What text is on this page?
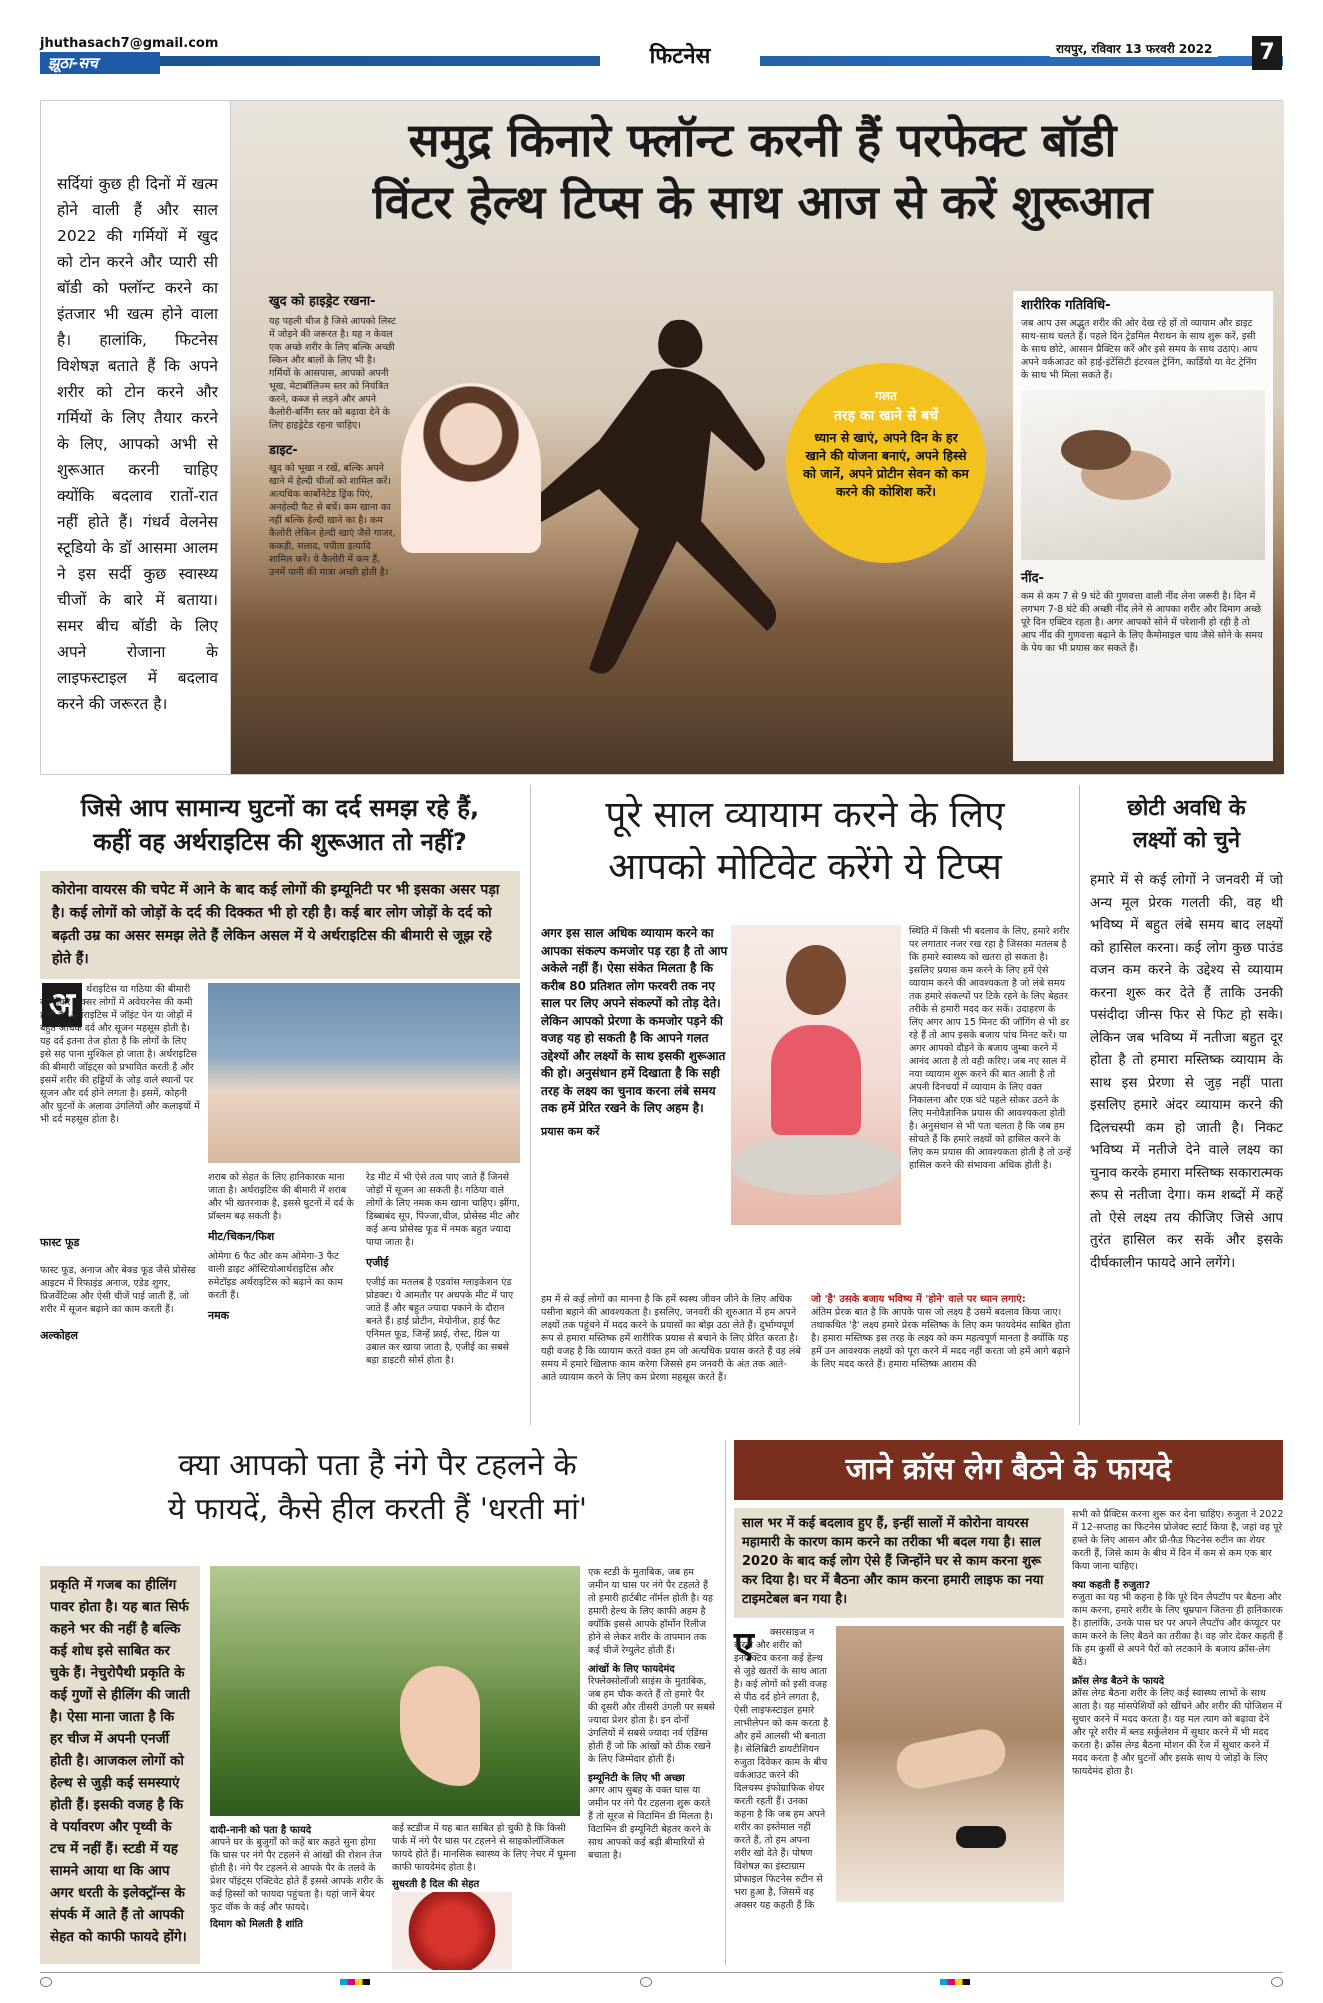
jhuthasach7@gmail.com
झूठा-सच	फिटनेस	रायपुर, रविवार 13 फरवरी 2022	7
सर्दियां कुछ ही दिनों में खत्म होने वाली हैं और साल 2022 की गर्मियों में खुद को टोन करने और प्यारी सी बॉडी को फ्लॉन्ट करने का इंतजार भी खत्म होने वाला है। हालांकि, फिटनेस विशेषज्ञ बताते हैं कि अपने शरीर को टोन करने और गर्मियों के लिए तैयार करने के लिए, आपको अभी से शुरूआत करनी चाहिए क्योंकि बदलाव रातों-रात नहीं होते हैं। गंधर्व वेलनेस स्टूडियो के डॉ आसमा आलम ने इस सर्दी कुछ स्वास्थ्य चीजों के बारे में बताया। समर बीच बॉडी के लिए अपने रोजाना के लाइफस्टाइल में बदलाव करने की जरूरत है।
समुद्र किनारे फ्लॉन्ट करनी हैं परफेक्ट बॉडी
विंटर हेल्थ टिप्स के साथ आज से करें शुरूआत
खुद को हाइड्रेट रखना-
यह पहली चीज है जिसे आपको लिस्ट में जोड़ने की जरूरत है। यह न केवल एक अच्छे शरीर के लिए बल्कि अच्छी स्किन और बालों के लिए भी है। गर्मियों के आसपास, आपको अपनी भूख, मेटाबॉलिज्म स्तर को नियंत्रित करने, कब्ज से लड़ने और अपने कैलोरी-बर्निंग स्तर को बढ़ावा देने के लिए हाइड्रेटेड रहना चाहिए।
डाइट-
खुद को भूखा न रखें, बल्कि अपने खाने में हेल्दी चीजों को शामिल करें। अत्यधिक कार्बोनेटेड ड्रिंक पिएं, अनहेल्दी फैट से बचें। कम खाना का नहीं बल्कि हेल्दी खाने का है। कम कैलोरी लेकिन हेल्दी खाएं जैसे गाजर, ककड़ी, सलाद, पपीता इत्यादि शामिल करें। ये कैलोरी में कम हैं, उनमें पानी की मात्रा अच्छी होती है।
गलत
तरह का खाने से बचें
ध्यान से खाएं, अपने दिन के हर खाने की योजना बनाएं, अपने हिस्से को जानें, अपने प्रोटीन सेवन को कम करने की कोशिश करें।
शारीरिक गतिविधि-
जब आप उस अद्भुत शरीर की ओर देख रहे हों तो व्यायाम और डाइट साथ-साथ चलते हैं। पहले दिन ट्रेडमिल मैराथन के साथ शुरू करें, इसी के साथ छोटे, आसान प्रैक्टिस करें और इसे समय के साथ उठाएं। आप अपने वर्कआउट को हाई-इंटेंसिटी इंटरवल ट्रेनिंग, कार्डियो या वेट ट्रेनिंग के साथ भी मिला सकते हैं।
नींद-
कम से कम 7 से 9 घंटे की गुणवत्ता वाली नींद लेना जरूरी है। दिन में लगभग 7-8 घंटे की अच्छी नींद लेने से आपका शरीर और दिमाग अच्छे पूरे दिन एक्टिव रहता है। अगर आपको सोने में परेशानी हो रही है तो आप नींद की गुणवत्ता बढ़ाने के लिए कैमोमाइल चाय जैसे सोने के समय के पेय का भी प्रयास कर सकते हैं।
जिसे आप सामान्य घुटनों का दर्द समझ रहे हैं,
कहीं वह अर्थराइटिस की शुरूआत तो नहीं?
कोरोना वायरस की चपेट में आने के बाद कई लोगों की इम्यूनिटी पर भी इसका असर पड़ा है। कई लोगों को जोड़ों के दर्द की दिक्कत भी हो रही है। कई बार लोग जोड़ों के दर्द को बढ़ती उम्र का असर समझ लेते हैं लेकिन असल में ये अर्थराइटिस की बीमारी से जूझ रहे होते हैं।
अ	र्थराइटिस या गठिया की बीमारी को लेकर अक्सर लोगों में अवेयरनेस की कमी होती है। अर्थराइटिस में जॉइंट पेन या जोड़ों में बहुत अधिक दर्द और सूजन महसूस होती है। यह दर्द इतना तेज होता है कि लोगों के लिए इसे सह पाना मुश्किल हो जाता है। अर्थराइटिस की बीमारी जॉइंट्स को प्रभावित करती है और इसमें शरीर की हड्डियों के जोड़ वाले स्थानों पर सूजन और दर्द होने लगता है। इसमें, कोहनी और घुटनों के अलावा उंगलियों और कलाइयों में भी दर्द महसूस होता है।
फास्ट फूड
फास्ट फूड, अनाज और बेक्ड फूड जैसे प्रोसेस्ड आइटम में रिफाइंड अनाज, एडेड शुगर, प्रिजर्वेटिव्स और ऐसी चीजें पाई जाती हैं, जो शरीर में सूजन बढ़ाने का काम करती हैं।
अल्कोहल
शराब को सेहत के लिए हानिकारक माना जाता है। अर्थराइटिस की बीमारी में शराब और भी खतरनाक है, इससे घुटनों में दर्द के प्रॉब्लम बढ़ सकती है।
मीट/चिकन/फिश
ओमेगा 6 फैट और कम ओमेगा-3 फैट वाली डाइट ऑस्टियोआर्थराइटिस और रुमेटॉइड अर्थराइटिस को बढ़ाने का काम करती हैं।
नमक
रेड मीट में भी ऐसे तत्व पाए जाते हैं जिनसे जोड़ों में सूजन आ सकती है। गठिया वाले लोगों के लिए नमक कम खाना चाहिए। झींगा, डिब्बाबंद सूप, पिज्जा,चीज, प्रोसेस्ड मीट और कई अन्य प्रोसेस्ड फूड में नमक बहुत ज्यादा पाया जाता है।
एजीई
एजीई का मतलब है एडवांस ग्लाइकेशन एंड प्रोडक्ट। ये आमतौर पर अधपके मीट में पाए जाते हैं और बहुत ज्यादा पकाने के दौरान बनते हैं। हाई प्रोटीन, मेयोनीज, हाई फैट एनिमल फूड, जिन्हें फ्राई, रोस्ट, ग्रिल या उबाल कर खाया जाता है, एजीई का सबसे बड़ा डाइटरी सोर्स होता है।
पूरे साल व्यायाम करने के लिए
आपको मोटिवेट करेंगे ये टिप्स
अगर इस साल अधिक व्यायाम करने का आपका संकल्प कमजोर पड़ रहा है तो आप अकेले नहीं हैं। ऐसा संकेत मिलता है कि करीब 80 प्रतिशत लोग फरवरी तक नए साल पर लिए अपने संकल्पों को तोड़ देते। लेकिन आपको प्रेरणा के कमजोर पड़ने की वजह यह हो सकती है कि आपने गलत उद्देश्यों और लक्ष्यों के साथ इसकी शुरूआत की हो। अनुसंधान हमें दिखाता है कि सही तरह के लक्ष्य का चुनाव करना लंबे समय तक हमें प्रेरित रखने के लिए अहम है।
प्रयास कम करें
स्थिति में किसी भी बदलाव के लिए, हमारे शरीर पर लगातार नजर रख रहा है जिसका मतलब है कि हमारे स्वास्थ्य को खतरा हो सकता है। इसलिए प्रयास कम करने के लिए हमें ऐसे व्यायाम करने की आवश्यकता है जो लंबे समय तक हमारे संकल्पों पर टिके रहने के लिए बेहतर तरीके से हमारी मदद कर सकें। उदाहरण के लिए अगर आप 15 मिनट की जॉगिंग से भी डर रहे हैं तो आप इसके बजाय पांच मिनट करें। या अगर आपको दौड़ने के बजाय जुम्बा करने में आनंद आता है तो वही करिए। जब नए साल में नया व्यायाम शुरू करने की बात आती है तो अपनी दिनचर्या में व्यायाम के लिए वक्त निकालना और एक घंटे पहले सोकर उठने के लिए मनोवैज्ञानिक प्रयास की आवश्यकता होती है। अनुसंधान से भी पता चलता है कि जब हम सोचते हैं कि हमारे लक्ष्यों को हासिल करने के लिए कम प्रयास की आवश्यकता होती है तो उन्हें हासिल करने की संभावना अधिक होती है।
हम में से कई लोगों का मानना है कि हमें स्वस्थ जीवन जीने के लिए अधिक पसीना बहाने की आवश्यकता है। इसलिए, जनवरी की शुरुआत में हम अपने लक्ष्यों तक पहुंचने में मदद करने के प्रयासों का बोझ उठा लेते हैं। दुर्भाग्यपूर्ण रूप से हमारा मस्तिष्क हमें शारीरिक प्रयास से बचाने के लिए प्रेरित करता है। यही वजह है कि व्यायाम करते वक्त हम जो अत्यधिक प्रयास करते हैं वह लंबे समय में हमारे खिलाफ काम करेगा जिससे हम जनवरी के अंत तक आते-आते व्यायाम करने के लिए कम प्रेरणा महसूस करते हैं।
जो 'है' उसके बजाय भविष्य में 'होने' वाले पर ध्यान लगाएं:
अंतिम प्रेरक बात है कि आपके पास जो लक्ष्य है उसमें बदलाव किया जाए। तथाकथित 'है' लक्ष्य हमारे प्रेरक मस्तिष्क के लिए कम फायदेमंद साबित होता है। हमारा मस्तिष्क इस तरह के लक्ष्य को कम महत्वपूर्ण मानता है क्योंकि यह हमें उन आवश्यक लक्ष्यों को पूरा करने में मदद नहीं करता जो हमें आगे बढ़ाने के लिए मदद करते हैं। हमारा मस्तिष्क आराम की
छोटी अवधि के
लक्ष्यों को चुने
हमारे में से कई लोगों ने जनवरी में जो अन्य मूल प्रेरक गलती की, वह थी भविष्य में बहुत लंबे समय बाद लक्ष्यों को हासिल करना। कई लोग कुछ पाउंड वजन कम करने के उद्देश्य से व्यायाम करना शुरू कर देते हैं ताकि उनकी पसंदीदा जीन्स फिर से फिट हो सके। लेकिन जब भविष्य में नतीजा बहुत दूर होता है तो हमारा मस्तिष्क व्यायाम के साथ इस प्रेरणा से जुड़ नहीं पाता इसलिए हमारे अंदर व्यायाम करने की दिलचस्पी कम हो जाती है। निकट भविष्य में नतीजे देने वाले लक्ष्य का चुनाव करके हमारा मस्तिष्क सकारात्मक रूप से नतीजा देगा। कम शब्दों में कहें तो ऐसे लक्ष्य तय कीजिए जिसे आप तुरंत हासिल कर सकें और इसके दीर्घकालीन फायदे आने लगेंगे।
क्या आपको पता है नंगे पैर टहलने के
ये फायदें, कैसे हील करती हैं 'धरती मां'
प्रकृति में गजब का हीलिंग पावर होता है। यह बात सिर्फ कहने भर की नहीं है बल्कि कई शोध इसे साबित कर चुके हैं। नेचुरोपैथी प्रकृति के कई गुणों से हीलिंग की जाती है। ऐसा माना जाता है कि हर चीज में अपनी एनर्जी होती है। आजकल लोगों को हेल्थ से जुड़ी कई समस्याएं होती हैं। इसकी वजह है कि वे पर्यावरण और पृथ्वी के टच में नहीं हैं। स्टडी में यह सामने आया था कि आप अगर धरती के इलेक्ट्रॉन्स के संपर्क में आते हैं तो आपकी सेहत को काफी फायदे होंगे।
दादी-नानी को पता है फायदे
आपने घर के बुजुर्गों को कहें बार कहते सुना होगा कि घास पर नंगे पैर टहलने से आंखों की रोशन तेज होती है। नंगे पैर टहलने से आपके पैर के तलवे के प्रेशर पॉइंट्स एक्टिवेट होते हैं इससे आपके शरीर के कई हिस्सों को फायदा पहुंचता है। यहां जानें बेयर फुट वॉक के कई और फायदे।
दिमाग को मिलती है शांति
कई स्टडीज में यह बात साबित हो चुकी है कि किसी पार्क में नंगे पैर घास पर टहलने से साइकोलॉजिकल फायदे होते हैं। मानसिक स्वास्थ्य के लिए नेचर में घूमना काफी फायदेमंद होता है।
सुधरती है दिल की सेहत
एक स्टडी के मुताबिक, जब हम जमीन या घास पर नंगे पैर टहलते हैं तो हमारी हार्टबीट नॉर्मल होती है। यह हमारी हेल्थ के लिए काफी अहम है क्योंकि इससे आपके हॉर्मोन रिलीज होने से लेकर शरीर के तापमान तक कई चीजें रेग्युलेट होती हैं।
आंखों के लिए फायदेमंद
रिफ्लेक्सोलॉजी साइंस के मुताबिक, जब हम चौक करते हैं तो हमारे पैर की दूसरी और तीसरी उंगली पर सबसे ज्यादा प्रेशर होता है। इन दोनों उंगलियों में सबसे ज्यादा नर्व एंडिंग्स होती हैं जो कि आंखों को ठीक रखने के लिए जिम्मेदार होती हैं।
इम्यूनिटी के लिए भी अच्छा
अगर आप सुबह के वक्त घास या जमीन पर नंगे पैर टहलना शुरू करते हैं तो सूरज से विटामिन डी मिलता है। विटामिन डी इम्यूनिटी बेहतर करने के साथ आपको कई बड़ी बीमारियों से बचाता है।
जाने क्रॉस लेग बैठने के फायदे
साल भर में कई बदलाव हुए हैं, इन्हीं सालों में कोरोना वायरस महामारी के कारण काम करने का तरीका भी बदल गया है। साल 2020 के बाद कई लोग ऐसे हैं जिन्होंने घर से काम करना शुरू कर दिया है। घर में बैठना और काम करना हमारी लाइफ का नया टाइमटेबल बन गया है।
ए	क्सरसाइज न करना और शरीर को इनएक्टिव करना कई हेल्थ से जुड़े खतरों के साथ आता है। कई लोगों को इसी वजह से पीठ दर्द होने लगता है, ऐसी लाइफस्टाइल हमारे लाभीलेपन को कम करता है और हमें आलसी भी बनाता है। सेलिब्रिटी डायटीशियन रुजुता दिवेकर काम के बीच वर्कआउट करने की दिलचस्प इंफोग्राफिक शेयर करती रहती हैं। उनका कहना है कि जब हम अपने शरीर का इस्तेमाल नहीं करते हैं, तो हम अपना शरीर खो देते हैं। पोषण विशेषज्ञ का इंस्टाग्राम प्रोफाइल फिटनेस रुटीन से भरा हुआ है, जिसमें वह अक्सर यह कहती हैं कि
सभी को प्रैक्टिस करना शुरू कर देना चाहिए। रुजुता ने 2022 में 12-सप्ताह का फिटनेस प्रोजेक्ट स्टार्ट किया है, जहां वह पूरे हफ्ते के लिए आसन और प्री-फ़ैड फिटनेस रुटीन का शेयर करती हैं, जिसे काम के बीच में दिन में कम से कम एक बार किया जाना चाहिए।
क्या कहती हैं रुजुता?
रुजुता का यह भी कहना है कि पूरे दिन लैपटॉप पर बैठना और काम करना, हमारे शरीर के लिए धूम्रपान जितना ही हानिकारक है। हालांकि, उनके पास घर पर अपने लैपटॉप और कंप्यूटर पर काम करने के लिए बैठने का तरीका है। वह जोर देकर कहती हैं कि हम कुर्सी से अपने पैरों को लटकाने के बजाय क्रॉस-लेग बैठें।
क्रॉस लेग्ड बैठने के फायदे
क्रॉस लेग्ड बैठना शरीर के लिए कई स्वास्थ्य लाभों के साथ आता है। यह मांसपेशियों को खींचने और शरीर की पोजिशन में सुधार करने में मदद करता है। यह मल त्याग को बढ़ावा देने और पूरे शरीर में ब्लड सर्कुलेशन में सुधार करने में भी मदद करता है। क्रॉस लेग्ड बैठना मोशन की रेंज में सुधार करने में मदद करता है और घुटनों और इसके साथ ये जोड़ों के लिए फायदेमंद होता है।
